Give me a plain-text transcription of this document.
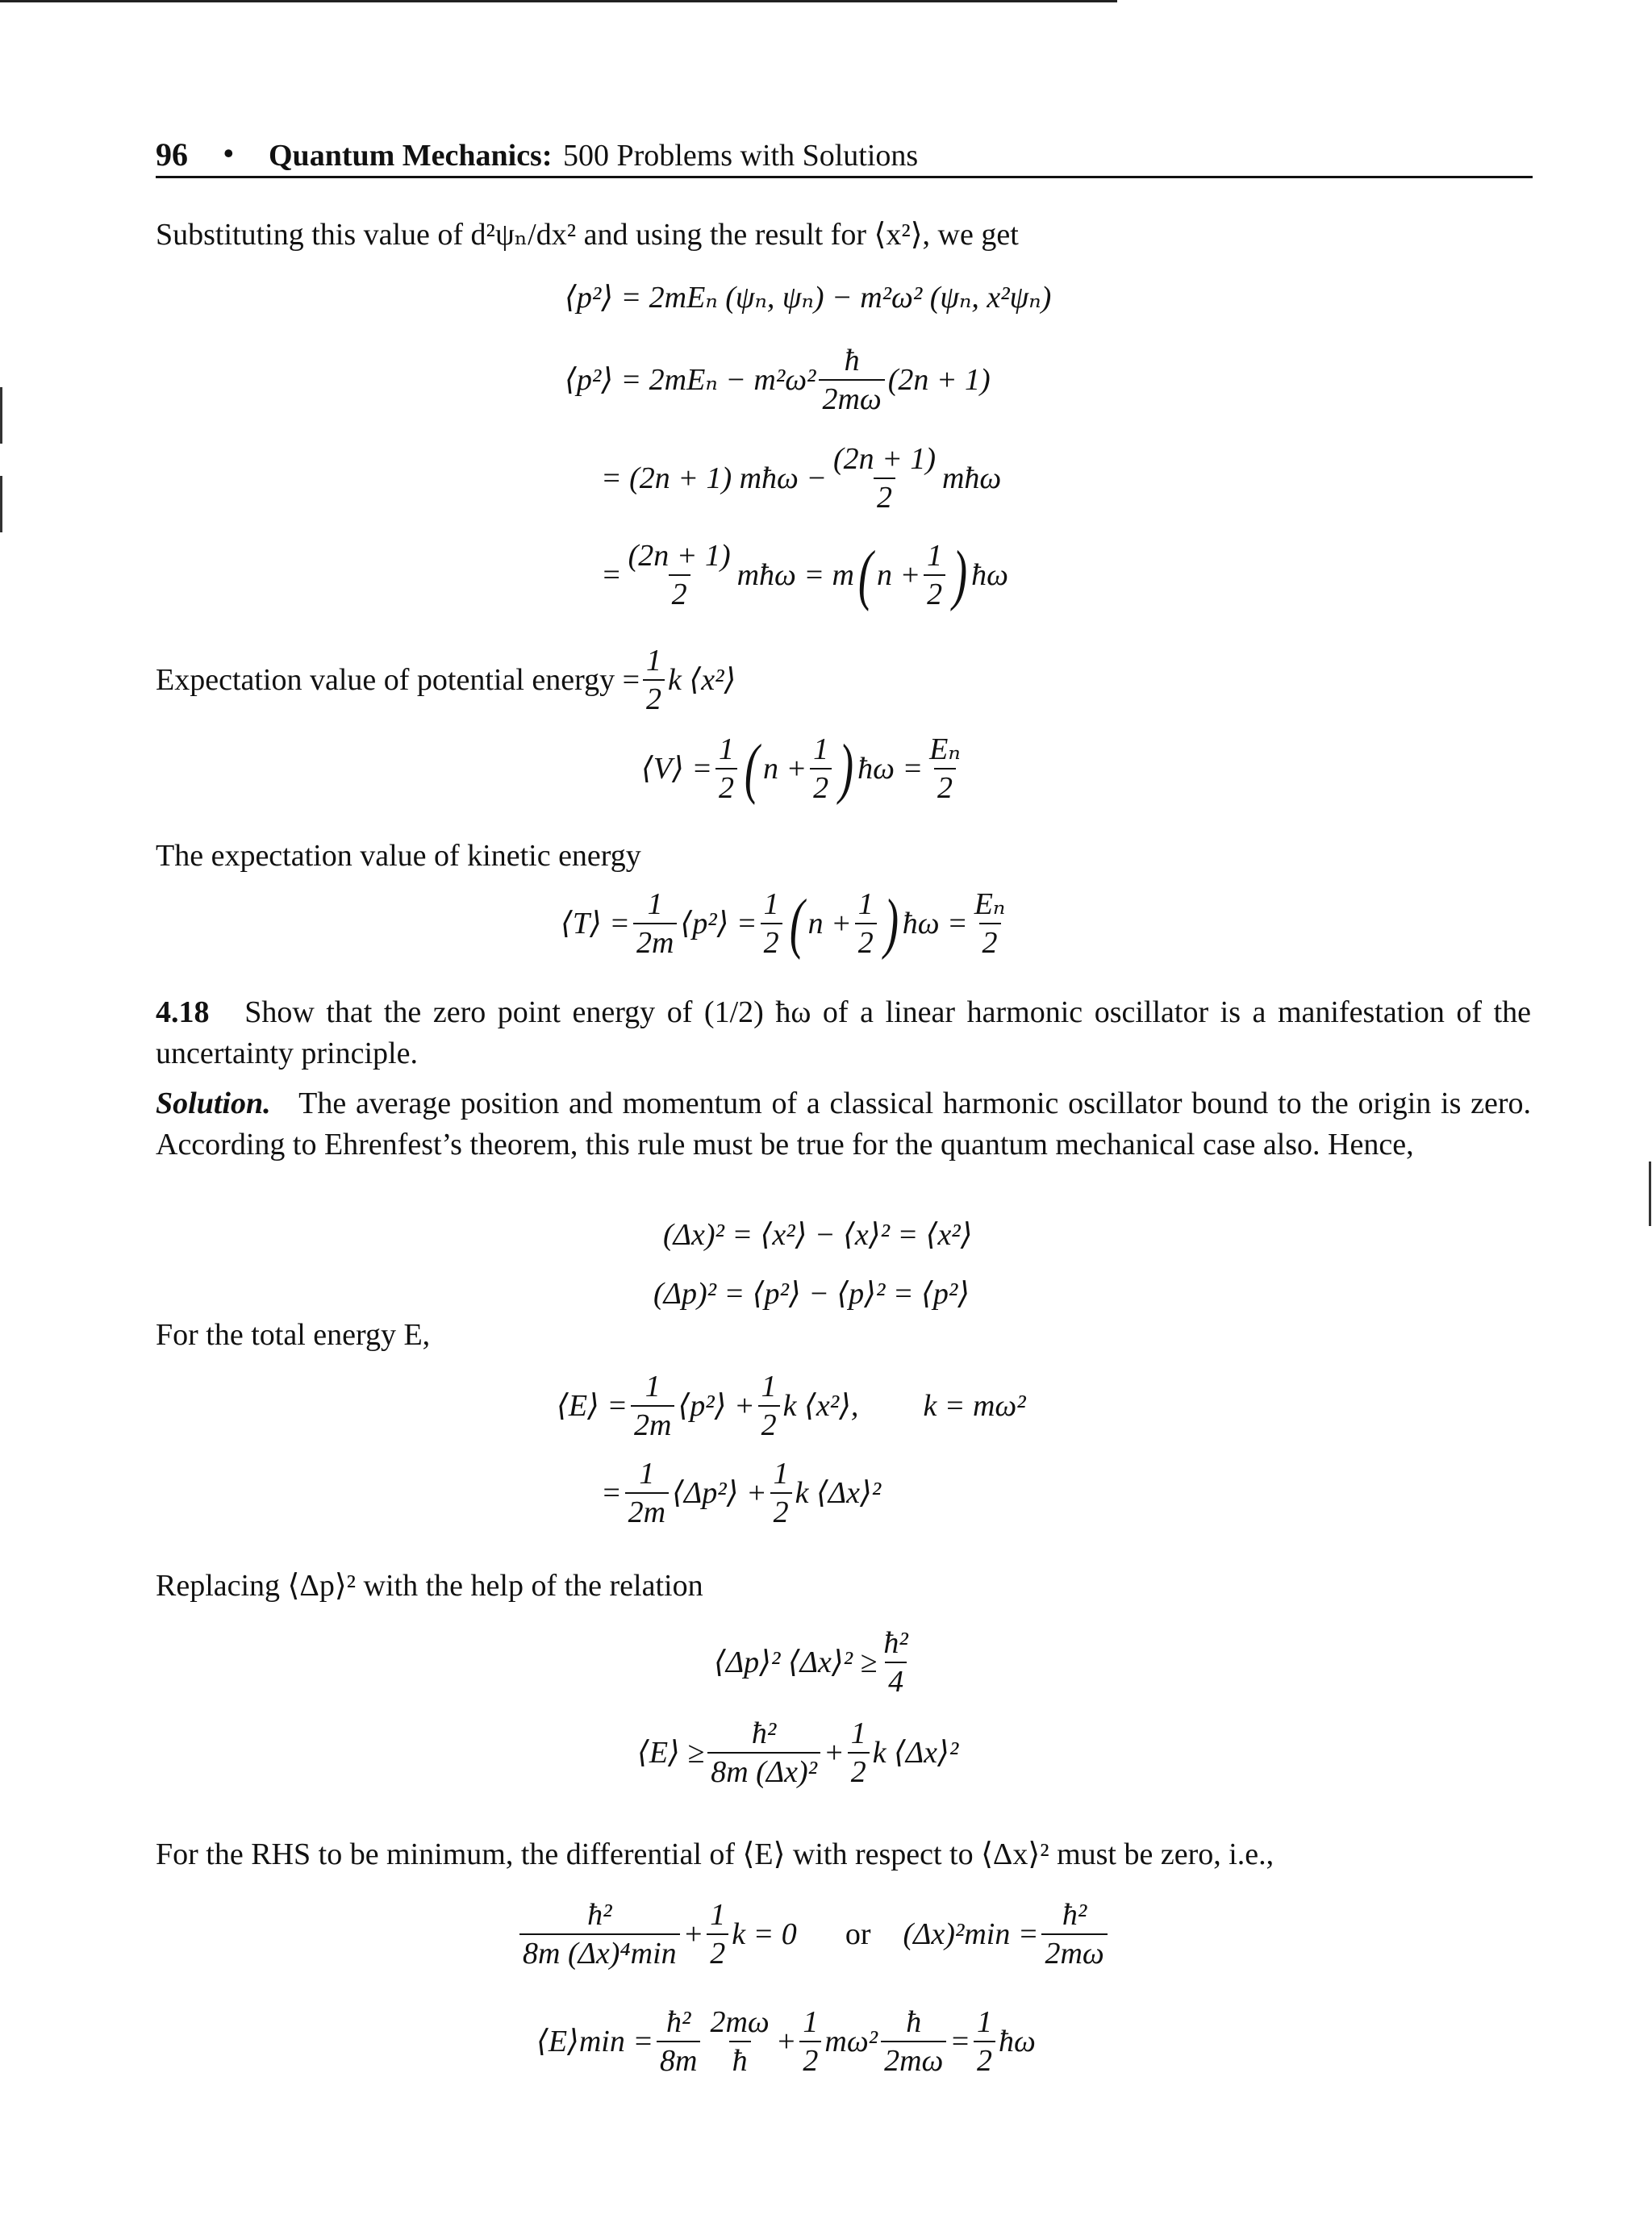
96 • Quantum Mechanics: 500 Problems with Solutions
Substituting this value of d²ψₙ/dx² and using the result for ⟨x²⟩, we get
⟨p²⟩ = 2mEₙ (ψₙ, ψₙ) − m²ω² (ψₙ, x²ψₙ)
⟨p²⟩ = $2mE_n - m^2\omega^2 \frac{ħ}{2m\omega} (2n + 1)$
= (2n + 1) mħω − $\frac{(2n + 1)}{2}$ mħω
= $\frac{(2n + 1)}{2}$ mħω = m ( $n + \frac{1}{2}$ ) ħω
Expectation value of potential energy = $\frac{1}{2}$ k ⟨x²⟩
⟨V⟩ = $\frac{1}{2}$ ( $n + \frac{1}{2}$ ) ħω = $\frac{\text{Eₙ}}{2}$
The expectation value of kinetic energy
⟨T⟩ = $\frac{1}{2m}$ ⟨p²⟩ = $\frac{1}{2}$ ( $n + \frac{1}{2}$ ) ħω = $\frac{\text{Eₙ}}{2}$
4.18 Show that the zero point energy of (1/2) ħω of a linear harmonic oscillator is a manifestation of the uncertainty principle.
Solution. The average position and momentum of a classical harmonic oscillator bound to the origin is zero. According to Ehrenfest’s theorem, this rule must be true for the quantum mechanical case also. Hence,
(Δx)² = ⟨x²⟩ − ⟨x⟩² = ⟨x²⟩
(Δp)² = ⟨p²⟩ − ⟨p⟩² = ⟨p²⟩
For the total energy E,
⟨E⟩ = $\frac{1}{2m}$ ⟨p²⟩ + $\frac{1}{2}$ k ⟨x²⟩, k = mω²
= $\frac{1}{2m}$ ⟨Δp²⟩ + $\frac{1}{2}$ k ⟨Δx⟩²
Replacing ⟨Δp⟩² with the help of the relation
⟨Δp⟩² ⟨Δx⟩² ≥ $\frac{\text{ħ²}}{4}$
⟨E⟩ ≥ $\frac{\text{ħ²}}{\text{8m (Δx)²}} + \frac{1}{2}$ k ⟨Δx⟩²
For the RHS to be minimum, the differential of ⟨E⟩ with respect to ⟨Δx⟩² must be zero, i.e.,
$\frac{\text{ħ²}}{\text{8m (Δx)⁴min}} + \frac{1}{2}$ k = 0 or $(\Delta x)^2\min = \frac{\text{ħ²}}{2m\omega}$
⟨E⟩min = $\frac{\text{ħ²}}{8m} \frac{2m\omega}{ħ} + \frac{1}{2} m\omega^2 \frac{ħ}{2m\omega} = \frac{1}{2}$ ħω
